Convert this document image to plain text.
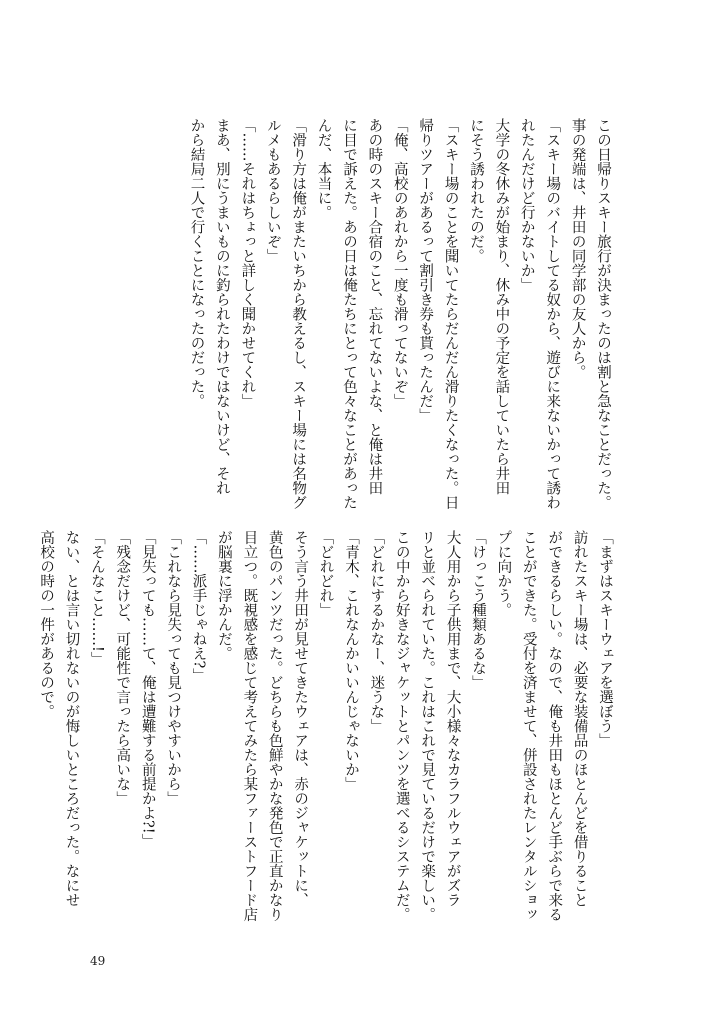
この日帰りスキー旅行が決まったのは割と急なことだった。
事の発端は、井田の同学部の友人から。
「スキー場のバイトしてる奴から、遊びに来ないかって誘わ
れたんだけど行かないか」
大学の冬休みが始まり、休み中の予定を話していたら井田
にそう誘われたのだ。
「スキー場のことを聞いてたらだんだん滑りたくなった。日
帰りツアーがあるって割引き券も貰ったんだ」
「俺、高校のあれから一度も滑ってないぞ」
あの時のスキー合宿のこと、忘れてないよな、と俺は井田
に目で訴えた。あの日は俺たちにとって色々なことがあった
んだ、本当に。
「滑り方は俺がまたいちから教えるし、スキー場には名物グ
ルメもあるらしいぞ」
「……それはちょっと詳しく聞かせてくれ」
まあ、別にうまいものに釣られたわけではないけど、それ
から結局二人で行くことになったのだった。
「まずはスキーウェアを選ぼう」
訪れたスキー場は、必要な装備品のほとんどを借りること
ができるらしい。なので、俺も井田もほとんど手ぶらで来る
ことができた。受付を済ませて、併設されたレンタルショッ
プに向かう。
「けっこう種類あるな」
大人用から子供用まで、大小様々なカラフルウェアがズラ
リと並べられていた。これはこれで見ているだけで楽しい。
この中から好きなジャケットとパンツを選べるシステムだ。
「どれにするかなー、迷うな」
「青木、これなんかいいんじゃないか」
「どれどれ」
そう言う井田が見せてきたウェアは、赤のジャケットに、
黄色のパンツだった。どちらも色鮮やかな発色で正直かなり
目立つ。既視感を感じて考えてみたら某ファーストフード店
が脳裏に浮かんだ。
「……派手じゃねえ?」
「これなら見失っても見つけやすいから」
「見失っても……て、俺は遭難する前提かよ?!」
「残念だけど、可能性で言ったら高いな」
「そんなこと……!」
ない、とは言い切れないのが悔しいところだった。なにせ
高校の時の一件があるので。
49
